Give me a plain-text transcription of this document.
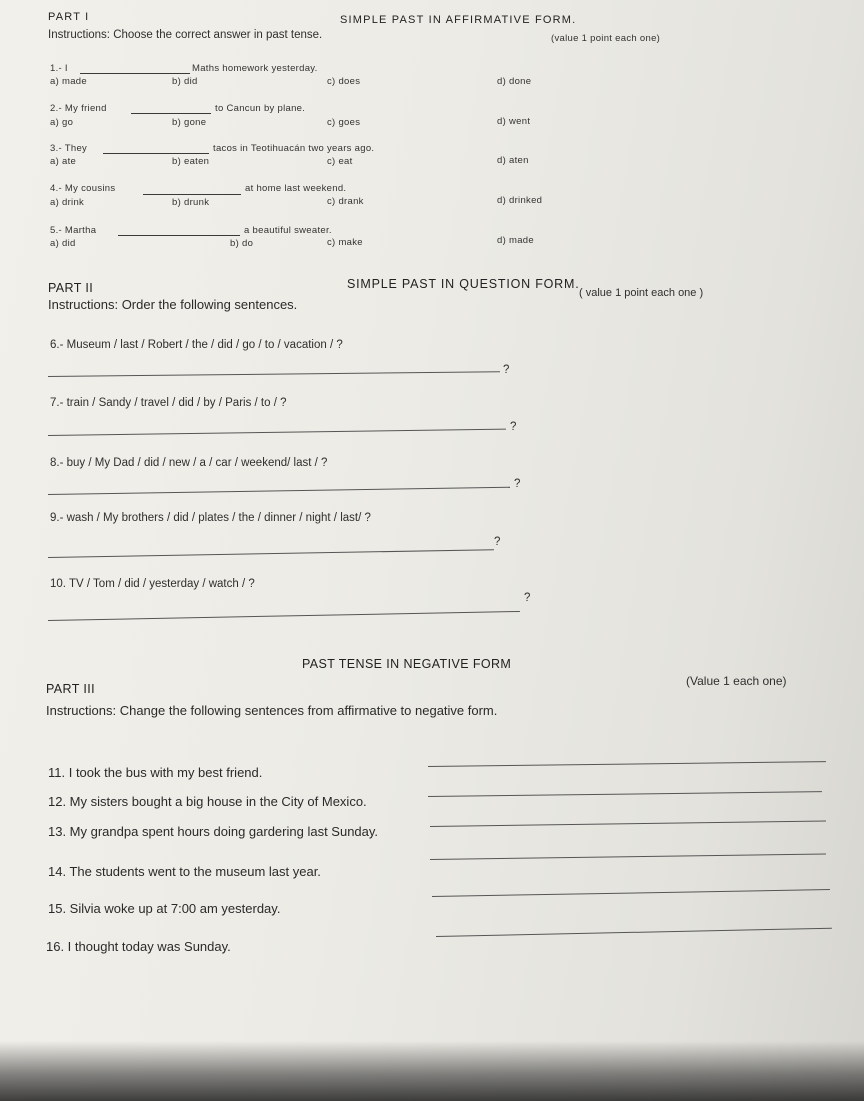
PART I	SIMPLE PAST IN AFFIRMATIVE FORM.
Instructions: Choose the correct answer in past tense.	(value 1 point each one)
1.- I	Maths homework yesterday.
a) made	b) did	c) does	d) done
2.- My friend	to Cancun by plane.
a) go	b) gone	c) goes	d) went
3.- They	tacos in Teotihuacán two years ago.
a) ate	b) eaten	c) eat	d) aten
4.- My cousins	at home last weekend.
a) drink	b) drunk	c) drank	d) drinked
5.- Martha	a beautiful sweater.
a) did	b) do	c) make	d) made
PART II	SIMPLE PAST IN QUESTION FORM.
Instructions: Order the following sentences.
( value 1 point each one )
6.- Museum / last / Robert / the / did / go / to / vacation / ?
?
7.- train / Sandy / travel / did / by / Paris / to / ?
?
8.- buy / My Dad / did / new / a / car / weekend/ last / ?
?
9.- wash / My brothers / did / plates / the / dinner / night / last/ ?
?
10. TV / Tom / did / yesterday / watch / ?
?
PAST TENSE IN NEGATIVE FORM
PART III
(Value 1 each one)
Instructions: Change the following sentences from affirmative to negative form.
11. I took the bus with my best friend.
12. My sisters bought a big house in the City of Mexico.
13. My grandpa spent hours doing gardering last Sunday.
14. The students went to the museum last year.
15. Silvia woke up at 7:00 am yesterday.
16. I thought today was Sunday.
